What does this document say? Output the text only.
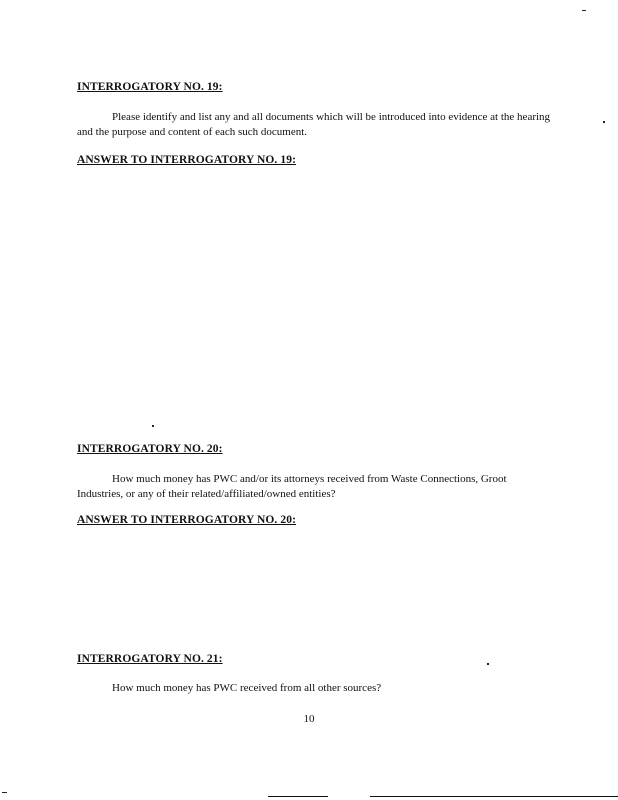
INTERROGATORY NO. 19:
Please identify and list any and all documents which will be introduced into evidence at the hearing and the purpose and content of each such document.
ANSWER TO INTERROGATORY NO. 19:
INTERROGATORY NO. 20:
How much money has PWC and/or its attorneys received from Waste Connections, Groot Industries, or any of their related/affiliated/owned entities?
ANSWER TO INTERROGATORY NO. 20:
INTERROGATORY NO. 21:
How much money has PWC received from all other sources?
10
